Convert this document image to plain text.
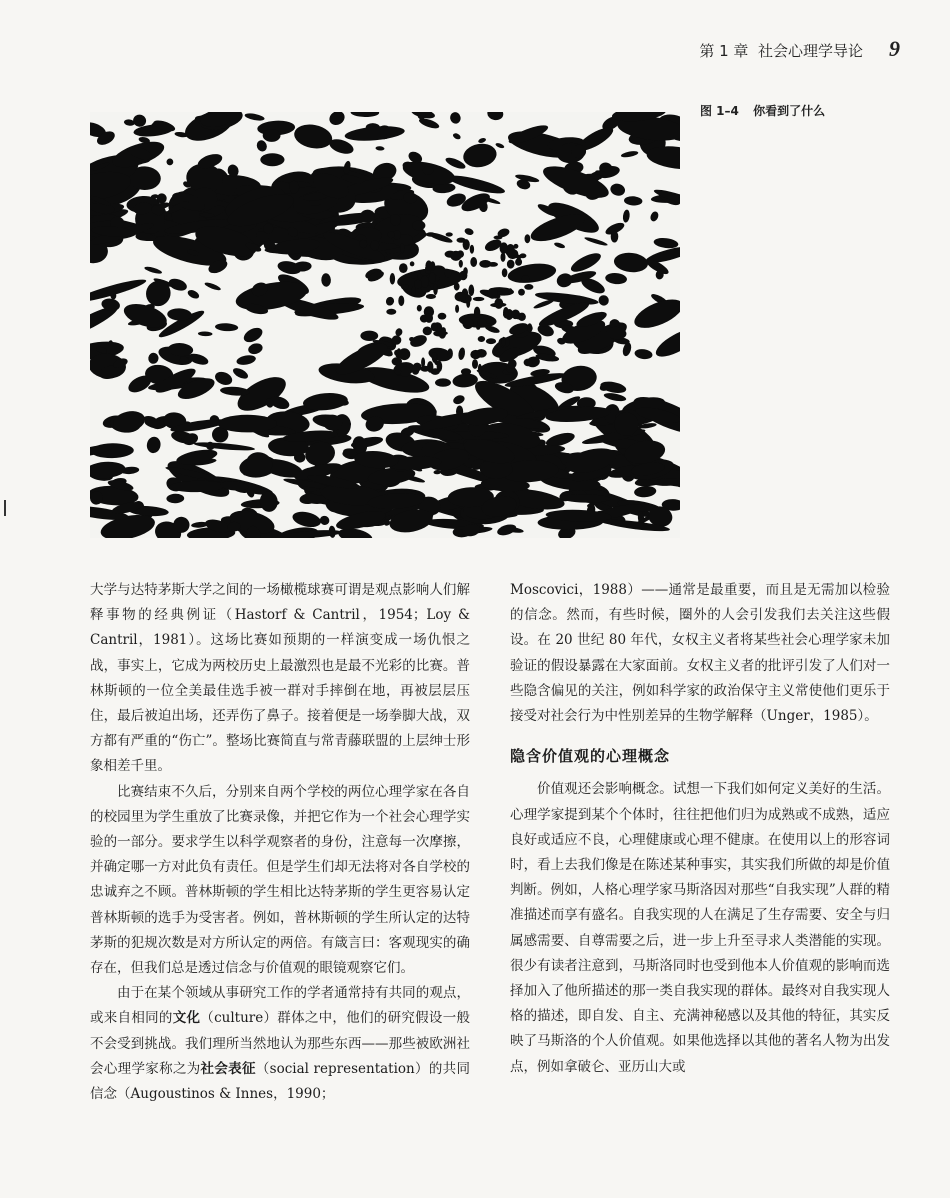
第 1 章 社会心理学导论 9
图 1–4 你看到了什么

大学与达特茅斯大学之间的一场橄榄球赛可谓是观点影响人们解释事物的经典例证（Hastorf & Cantril，1954；Loy & Cantril，1981）。这场比赛如预期的一样演变成一场仇恨之战，事实上，它成为两校历史上最激烈也是最不光彩的比赛。普林斯顿的一位全美最佳选手被一群对手摔倒在地，再被层层压住，最后被迫出场，还弄伤了鼻子。接着便是一场拳脚大战，双方都有严重的“伤亡”。整场比赛简直与常青藤联盟的上层绅士形象相差千里。

比赛结束不久后，分别来自两个学校的两位心理学家在各自的校园里为学生重放了比赛录像，并把它作为一个社会心理学实验的一部分。要求学生以科学观察者的身份，注意每一次摩擦，并确定哪一方对此负有责任。但是学生们却无法将对各自学校的忠诚弃之不顾。普林斯顿的学生相比达特茅斯的学生更容易认定普林斯顿的选手为受害者。例如，普林斯顿的学生所认定的达特茅斯的犯规次数是对方所认定的两倍。有箴言曰：客观现实的确存在，但我们总是透过信念与价值观的眼镜观察它们。

由于在某个领域从事研究工作的学者通常持有共同的观点，或来自相同的文化（culture）群体之中，他们的研究假设一般不会受到挑战。我们理所当然地认为那些东西——那些被欧洲社会心理学家称之为社会表征（social representation）的共同信念（Augoustinos & Innes，1990；

Moscovici，1988）——通常是最重要，而且是无需加以检验的信念。然而，有些时候，圈外的人会引发我们去关注这些假设。在 20 世纪 80 年代，女权主义者将某些社会心理学家未加验证的假设暴露在大家面前。女权主义者的批评引发了人们对一些隐含偏见的关注，例如科学家的政治保守主义常使他们更乐于接受对社会行为中性别差异的生物学解释（Unger，1985）。

隐含价值观的心理概念

价值观还会影响概念。试想一下我们如何定义美好的生活。心理学家提到某个个体时，往往把他们归为成熟或不成熟，适应良好或适应不良，心理健康或心理不健康。在使用以上的形容词时，看上去我们像是在陈述某种事实，其实我们所做的却是价值判断。例如，人格心理学家马斯洛因对那些“自我实现”人群的精准描述而享有盛名。自我实现的人在满足了生存需要、安全与归属感需要、自尊需要之后，进一步上升至寻求人类潜能的实现。很少有读者注意到，马斯洛同时也受到他本人价值观的影响而选择加入了他所描述的那一类自我实现的群体。最终对自我实现人格的描述，即自发、自主、充满神秘感以及其他的特征，其实反映了马斯洛的个人价值观。如果他选择以其他的著名人物为出发点，例如拿破仑、亚历山大或
